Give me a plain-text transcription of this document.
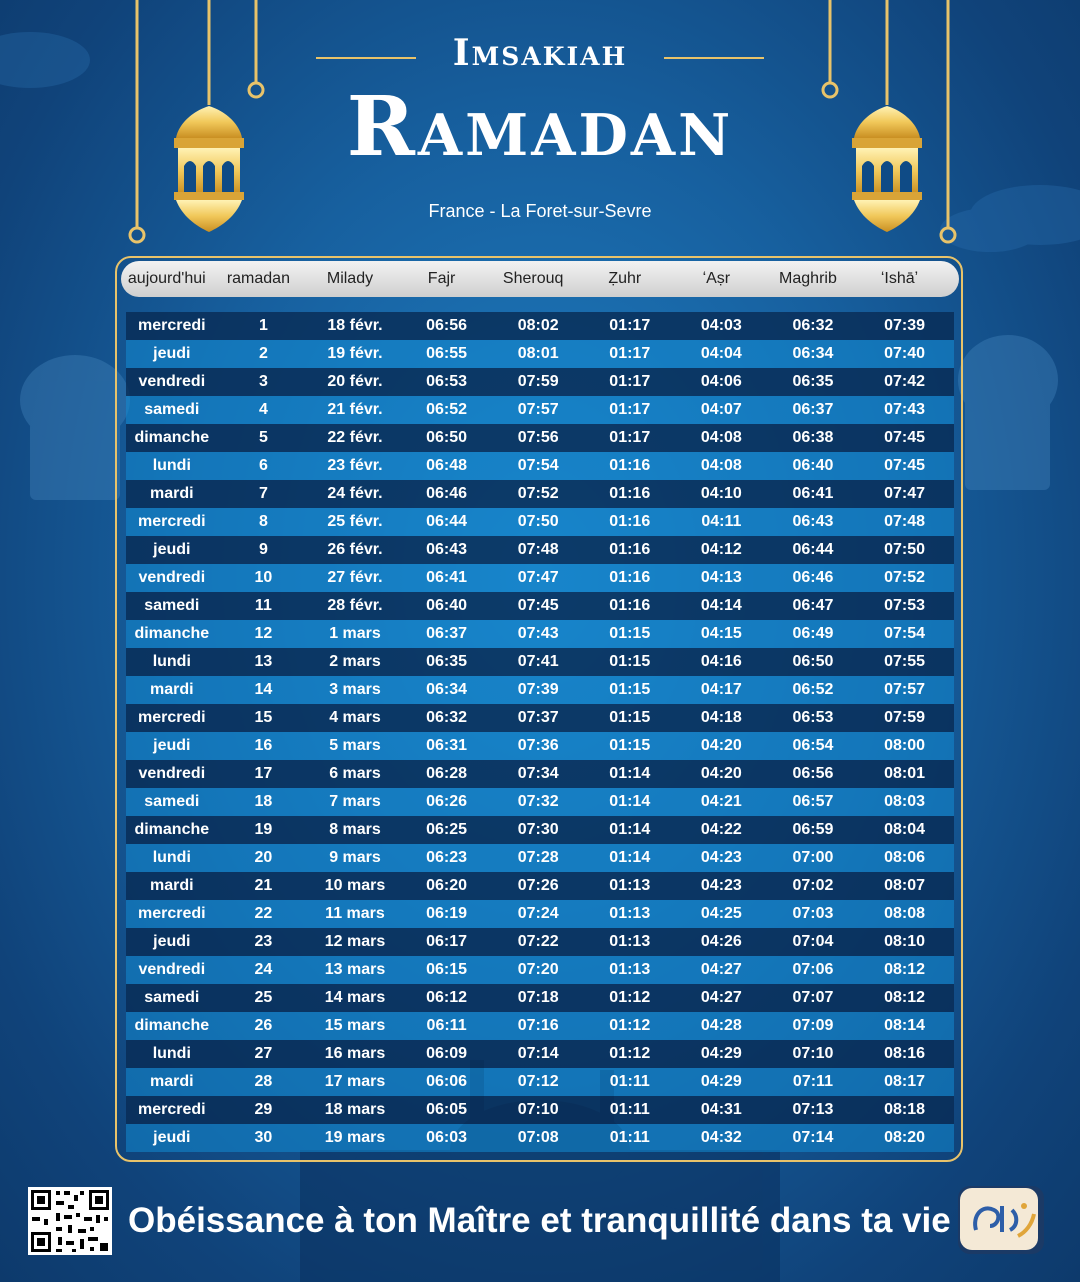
Imsakiah
Ramadan
France - La Foret-sur-Sevre
aujourd'hui	ramadan	Milady	Fajr	Sherouq	Ẓuhr	ʻAṣr	Maghrib	ʻIshāʼ
mercredi	1	18 févr.	06:56	08:02	01:17	04:03	06:32	07:39
jeudi	2	19 févr.	06:55	08:01	01:17	04:04	06:34	07:40
vendredi	3	20 févr.	06:53	07:59	01:17	04:06	06:35	07:42
samedi	4	21 févr.	06:52	07:57	01:17	04:07	06:37	07:43
dimanche	5	22 févr.	06:50	07:56	01:17	04:08	06:38	07:45
lundi	6	23 févr.	06:48	07:54	01:16	04:08	06:40	07:45
mardi	7	24 févr.	06:46	07:52	01:16	04:10	06:41	07:47
mercredi	8	25 févr.	06:44	07:50	01:16	04:11	06:43	07:48
jeudi	9	26 févr.	06:43	07:48	01:16	04:12	06:44	07:50
vendredi	10	27 févr.	06:41	07:47	01:16	04:13	06:46	07:52
samedi	11	28 févr.	06:40	07:45	01:16	04:14	06:47	07:53
dimanche	12	1 mars	06:37	07:43	01:15	04:15	06:49	07:54
lundi	13	2 mars	06:35	07:41	01:15	04:16	06:50	07:55
mardi	14	3 mars	06:34	07:39	01:15	04:17	06:52	07:57
mercredi	15	4 mars	06:32	07:37	01:15	04:18	06:53	07:59
jeudi	16	5 mars	06:31	07:36	01:15	04:20	06:54	08:00
vendredi	17	6 mars	06:28	07:34	01:14	04:20	06:56	08:01
samedi	18	7 mars	06:26	07:32	01:14	04:21	06:57	08:03
dimanche	19	8 mars	06:25	07:30	01:14	04:22	06:59	08:04
lundi	20	9 mars	06:23	07:28	01:14	04:23	07:00	08:06
mardi	21	10 mars	06:20	07:26	01:13	04:23	07:02	08:07
mercredi	22	11 mars	06:19	07:24	01:13	04:25	07:03	08:08
jeudi	23	12 mars	06:17	07:22	01:13	04:26	07:04	08:10
vendredi	24	13 mars	06:15	07:20	01:13	04:27	07:06	08:12
samedi	25	14 mars	06:12	07:18	01:12	04:27	07:07	08:12
dimanche	26	15 mars	06:11	07:16	01:12	04:28	07:09	08:14
lundi	27	16 mars	06:09	07:14	01:12	04:29	07:10	08:16
mardi	28	17 mars	06:06	07:12	01:11	04:29	07:11	08:17
mercredi	29	18 mars	06:05	07:10	01:11	04:31	07:13	08:18
jeudi	30	19 mars	06:03	07:08	01:11	04:32	07:14	08:20
Obéissance à ton Maître et tranquillité dans ta vie
